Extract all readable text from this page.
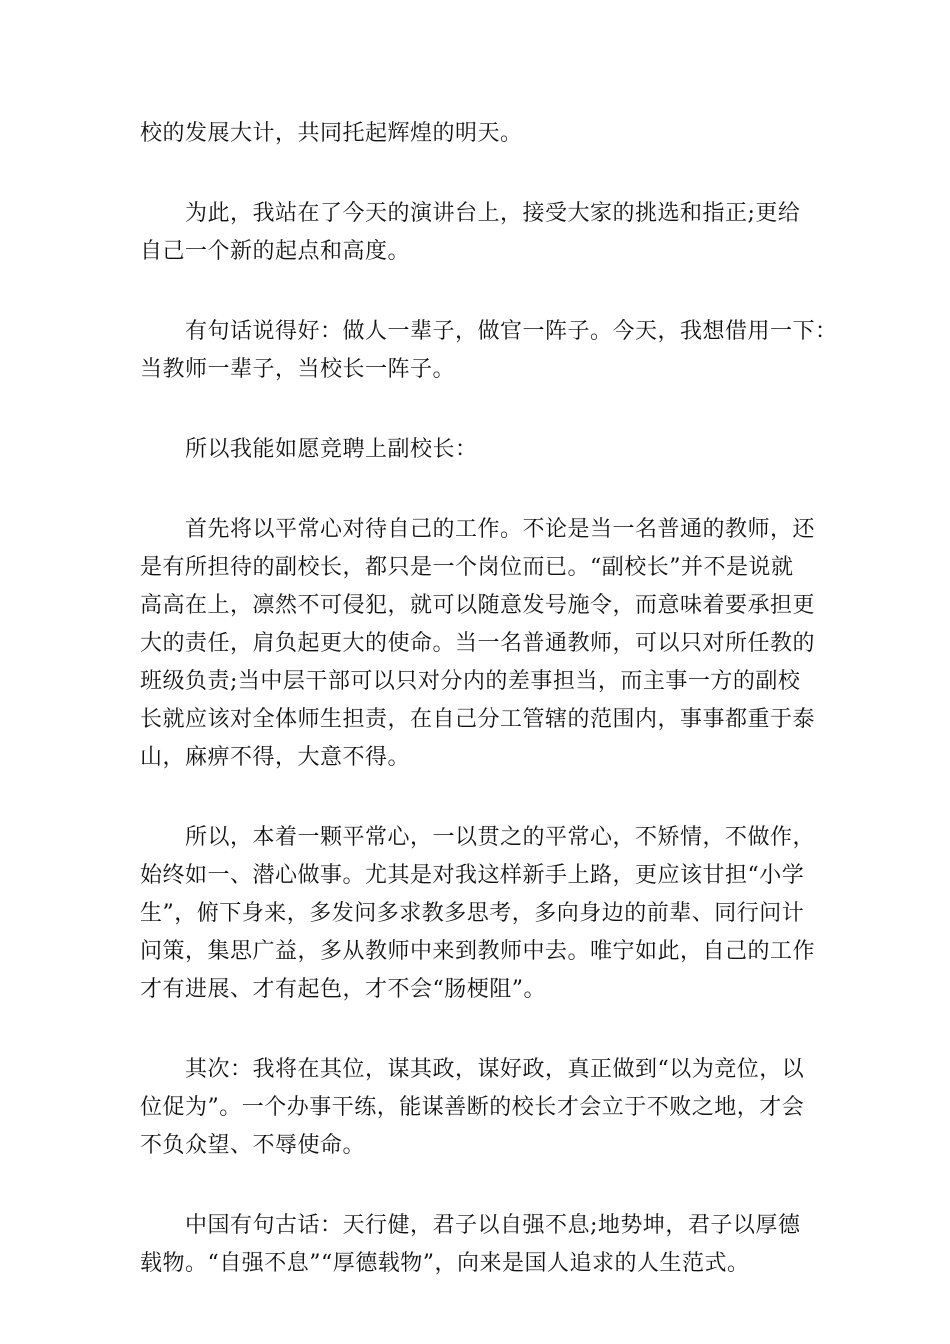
校的发展大计，共同托起辉煌的明天。

为此，我站在了今天的演讲台上，接受大家的挑选和指正;更给
自己一个新的起点和高度。

有句话说得好：做人一辈子，做官一阵子。今天，我想借用一下：
当教师一辈子，当校长一阵子。

所以我能如愿竞聘上副校长：

首先将以平常心对待自己的工作。不论是当一名普通的教师，还
是有所担待的副校长，都只是一个岗位而已。“副校长”并不是说就
高高在上，凛然不可侵犯，就可以随意发号施令，而意味着要承担更
大的责任，肩负起更大的使命。当一名普通教师，可以只对所任教的
班级负责;当中层干部可以只对分内的差事担当，而主事一方的副校
长就应该对全体师生担责，在自己分工管辖的范围内，事事都重于泰
山，麻痹不得，大意不得。

所以，本着一颗平常心，一以贯之的平常心，不矫情，不做作，
始终如一、潜心做事。尤其是对我这样新手上路，更应该甘担“小学
生”，俯下身来，多发问多求教多思考，多向身边的前辈、同行问计
问策，集思广益，多从教师中来到教师中去。唯宁如此，自己的工作
才有进展、才有起色，才不会“肠梗阻”。

其次：我将在其位，谋其政，谋好政，真正做到“以为竞位，以
位促为”。一个办事干练，能谋善断的校长才会立于不败之地，才会
不负众望、不辱使命。

中国有句古话：天行健，君子以自强不息;地势坤，君子以厚德
载物。“自强不息”“厚德载物”，向来是国人追求的人生范式。
